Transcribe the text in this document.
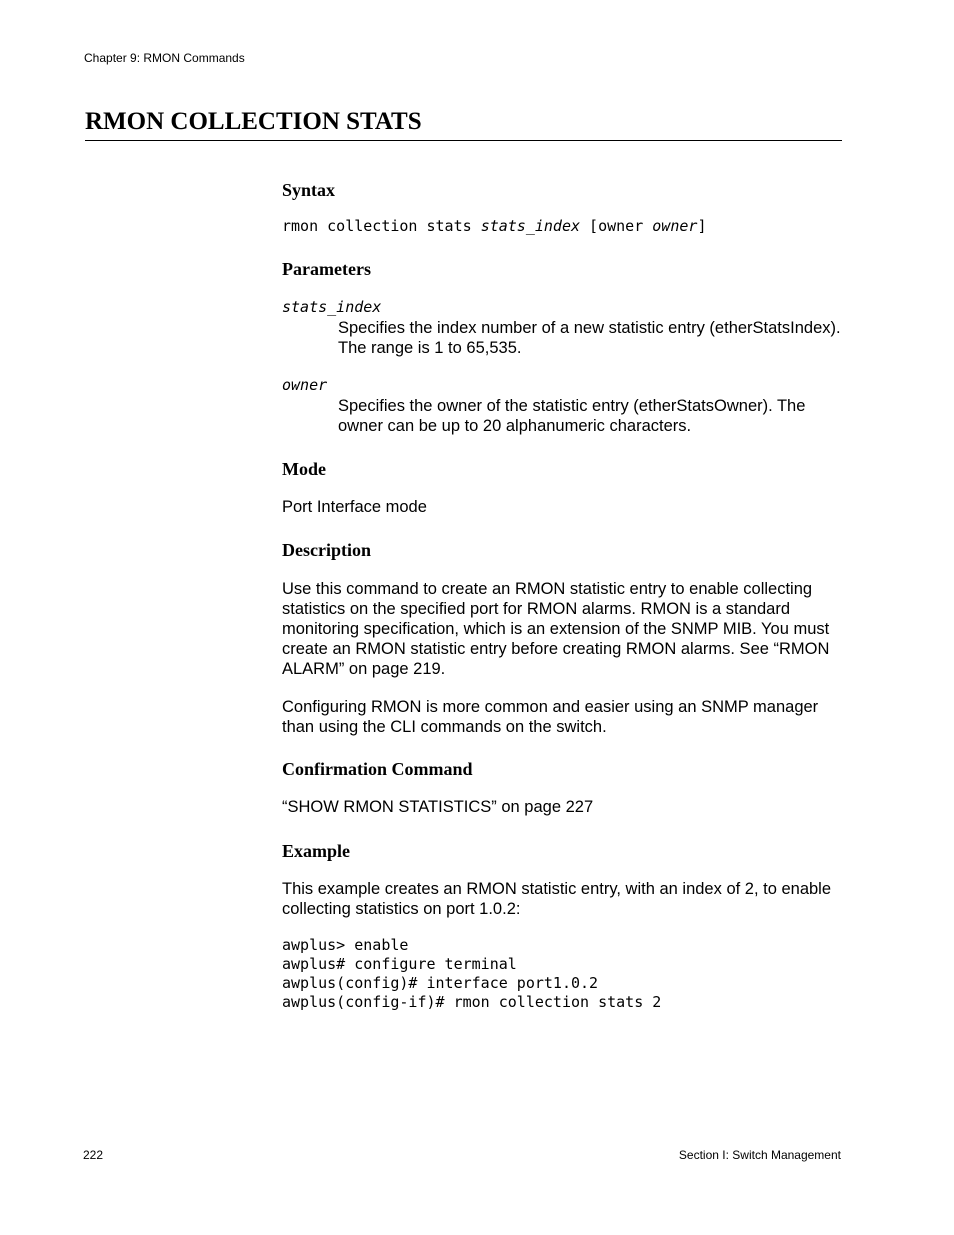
Chapter 9: RMON Commands
RMON COLLECTION STATS
Syntax
rmon collection stats stats_index [owner owner]
Parameters
stats_index
Specifies the index number of a new statistic entry (etherStatsIndex). The range is 1 to 65,535.
owner
Specifies the owner of the statistic entry (etherStatsOwner). The owner can be up to 20 alphanumeric characters.
Mode
Port Interface mode
Description
Use this command to create an RMON statistic entry to enable collecting statistics on the specified port for RMON alarms. RMON is a standard monitoring specification, which is an extension of the SNMP MIB. You must create an RMON statistic entry before creating RMON alarms. See “RMON ALARM” on page 219.
Configuring RMON is more common and easier using an SNMP manager than using the CLI commands on the switch.
Confirmation Command
“SHOW RMON STATISTICS” on page 227
Example
This example creates an RMON statistic entry, with an index of 2, to enable collecting statistics on port 1.0.2:
awplus> enable
awplus# configure terminal
awplus(config)# interface port1.0.2
awplus(config-if)# rmon collection stats 2
222	Section I: Switch Management
